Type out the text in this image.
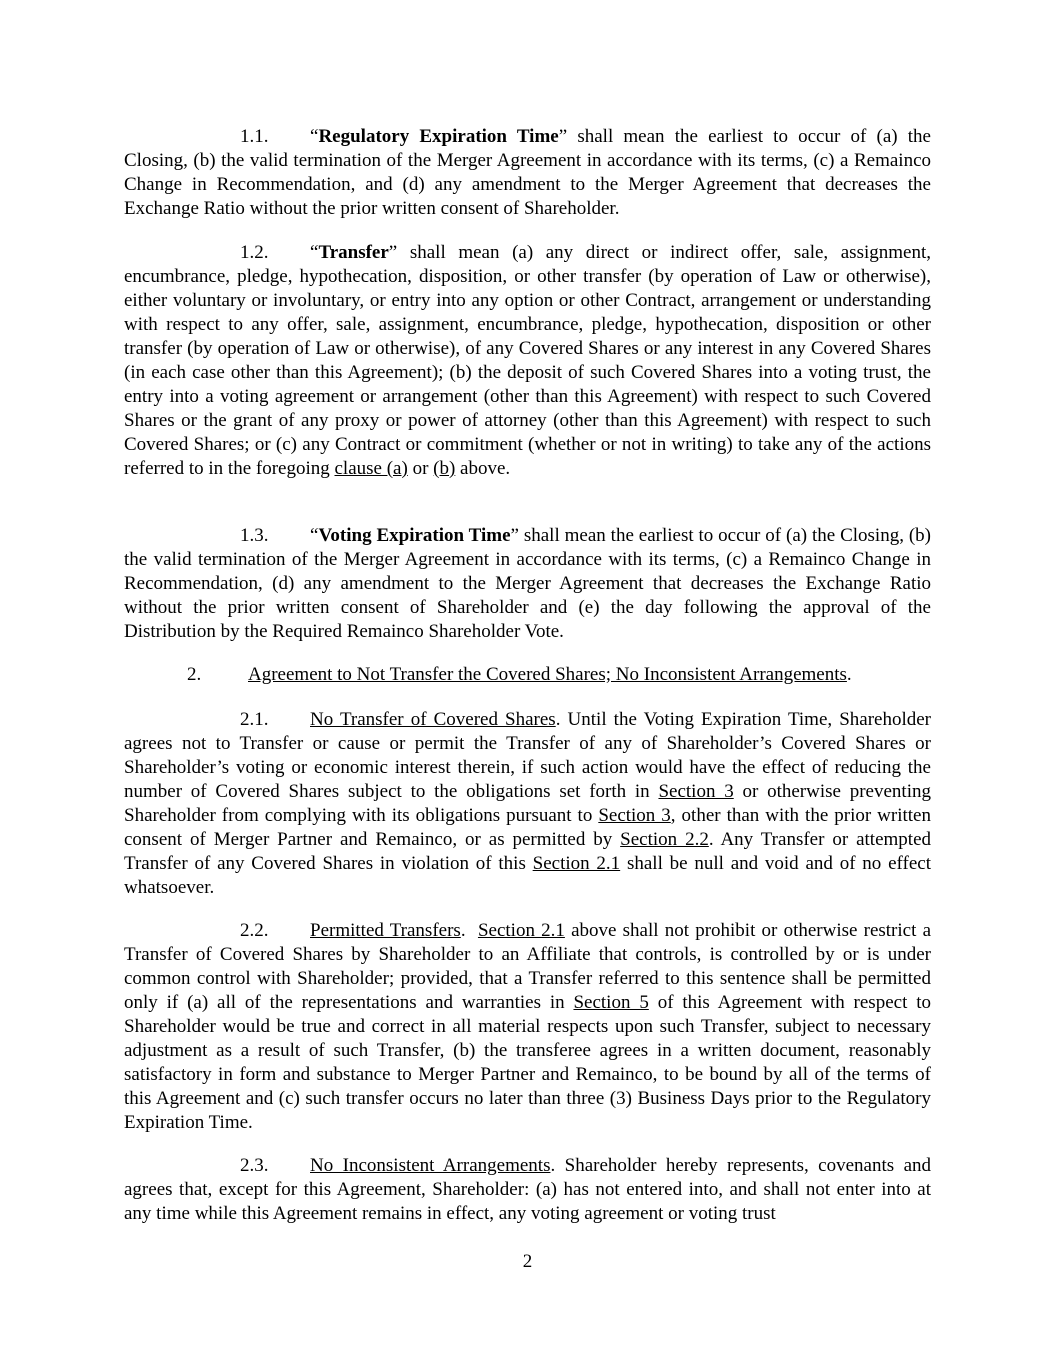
1.1. “Regulatory Expiration Time” shall mean the earliest to occur of (a) the Closing, (b) the valid termination of the Merger Agreement in accordance with its terms, (c) a Remainco Change in Recommendation, and (d) any amendment to the Merger Agreement that decreases the Exchange Ratio without the prior written consent of Shareholder.

1.2. “Transfer” shall mean (a) any direct or indirect offer, sale, assignment, encumbrance, pledge, hypothecation, disposition, or other transfer (by operation of Law or otherwise), either voluntary or involuntary, or entry into any option or other Contract, arrangement or understanding with respect to any offer, sale, assignment, encumbrance, pledge, hypothecation, disposition or other transfer (by operation of Law or otherwise), of any Covered Shares or any interest in any Covered Shares (in each case other than this Agreement); (b) the deposit of such Covered Shares into a voting trust, the entry into a voting agreement or arrangement (other than this Agreement) with respect to such Covered Shares or the grant of any proxy or power of attorney (other than this Agreement) with respect to such Covered Shares; or (c) any Contract or commitment (whether or not in writing) to take any of the actions referred to in the foregoing clause (a) or (b) above.

1.3. “Voting Expiration Time” shall mean the earliest to occur of (a) the Closing, (b) the valid termination of the Merger Agreement in accordance with its terms, (c) a Remainco Change in Recommendation, (d) any amendment to the Merger Agreement that decreases the Exchange Ratio without the prior written consent of Shareholder and (e) the day following the approval of the Distribution by the Required Remainco Shareholder Vote.

2. Agreement to Not Transfer the Covered Shares; No Inconsistent Arrangements.

2.1. No Transfer of Covered Shares. Until the Voting Expiration Time, Shareholder agrees not to Transfer or cause or permit the Transfer of any of Shareholder’s Covered Shares or Shareholder’s voting or economic interest therein, if such action would have the effect of reducing the number of Covered Shares subject to the obligations set forth in Section 3 or otherwise preventing Shareholder from complying with its obligations pursuant to Section 3, other than with the prior written consent of Merger Partner and Remainco, or as permitted by Section 2.2. Any Transfer or attempted Transfer of any Covered Shares in violation of this Section 2.1 shall be null and void and of no effect whatsoever.

2.2. Permitted Transfers.  Section 2.1 above shall not prohibit or otherwise restrict a Transfer of Covered Shares by Shareholder to an Affiliate that controls, is controlled by or is under common control with Shareholder; provided, that a Transfer referred to this sentence shall be permitted only if (a) all of the representations and warranties in Section 5 of this Agreement with respect to Shareholder would be true and correct in all material respects upon such Transfer, subject to necessary adjustment as a result of such Transfer, (b) the transferee agrees in a written document, reasonably satisfactory in form and substance to Merger Partner and Remainco, to be bound by all of the terms of this Agreement and (c) such transfer occurs no later than three (3) Business Days prior to the Regulatory Expiration Time.

2.3. No Inconsistent Arrangements. Shareholder hereby represents, covenants and agrees that, except for this Agreement, Shareholder: (a) has not entered into, and shall not enter into at any time while this Agreement remains in effect, any voting agreement or voting trust

2
